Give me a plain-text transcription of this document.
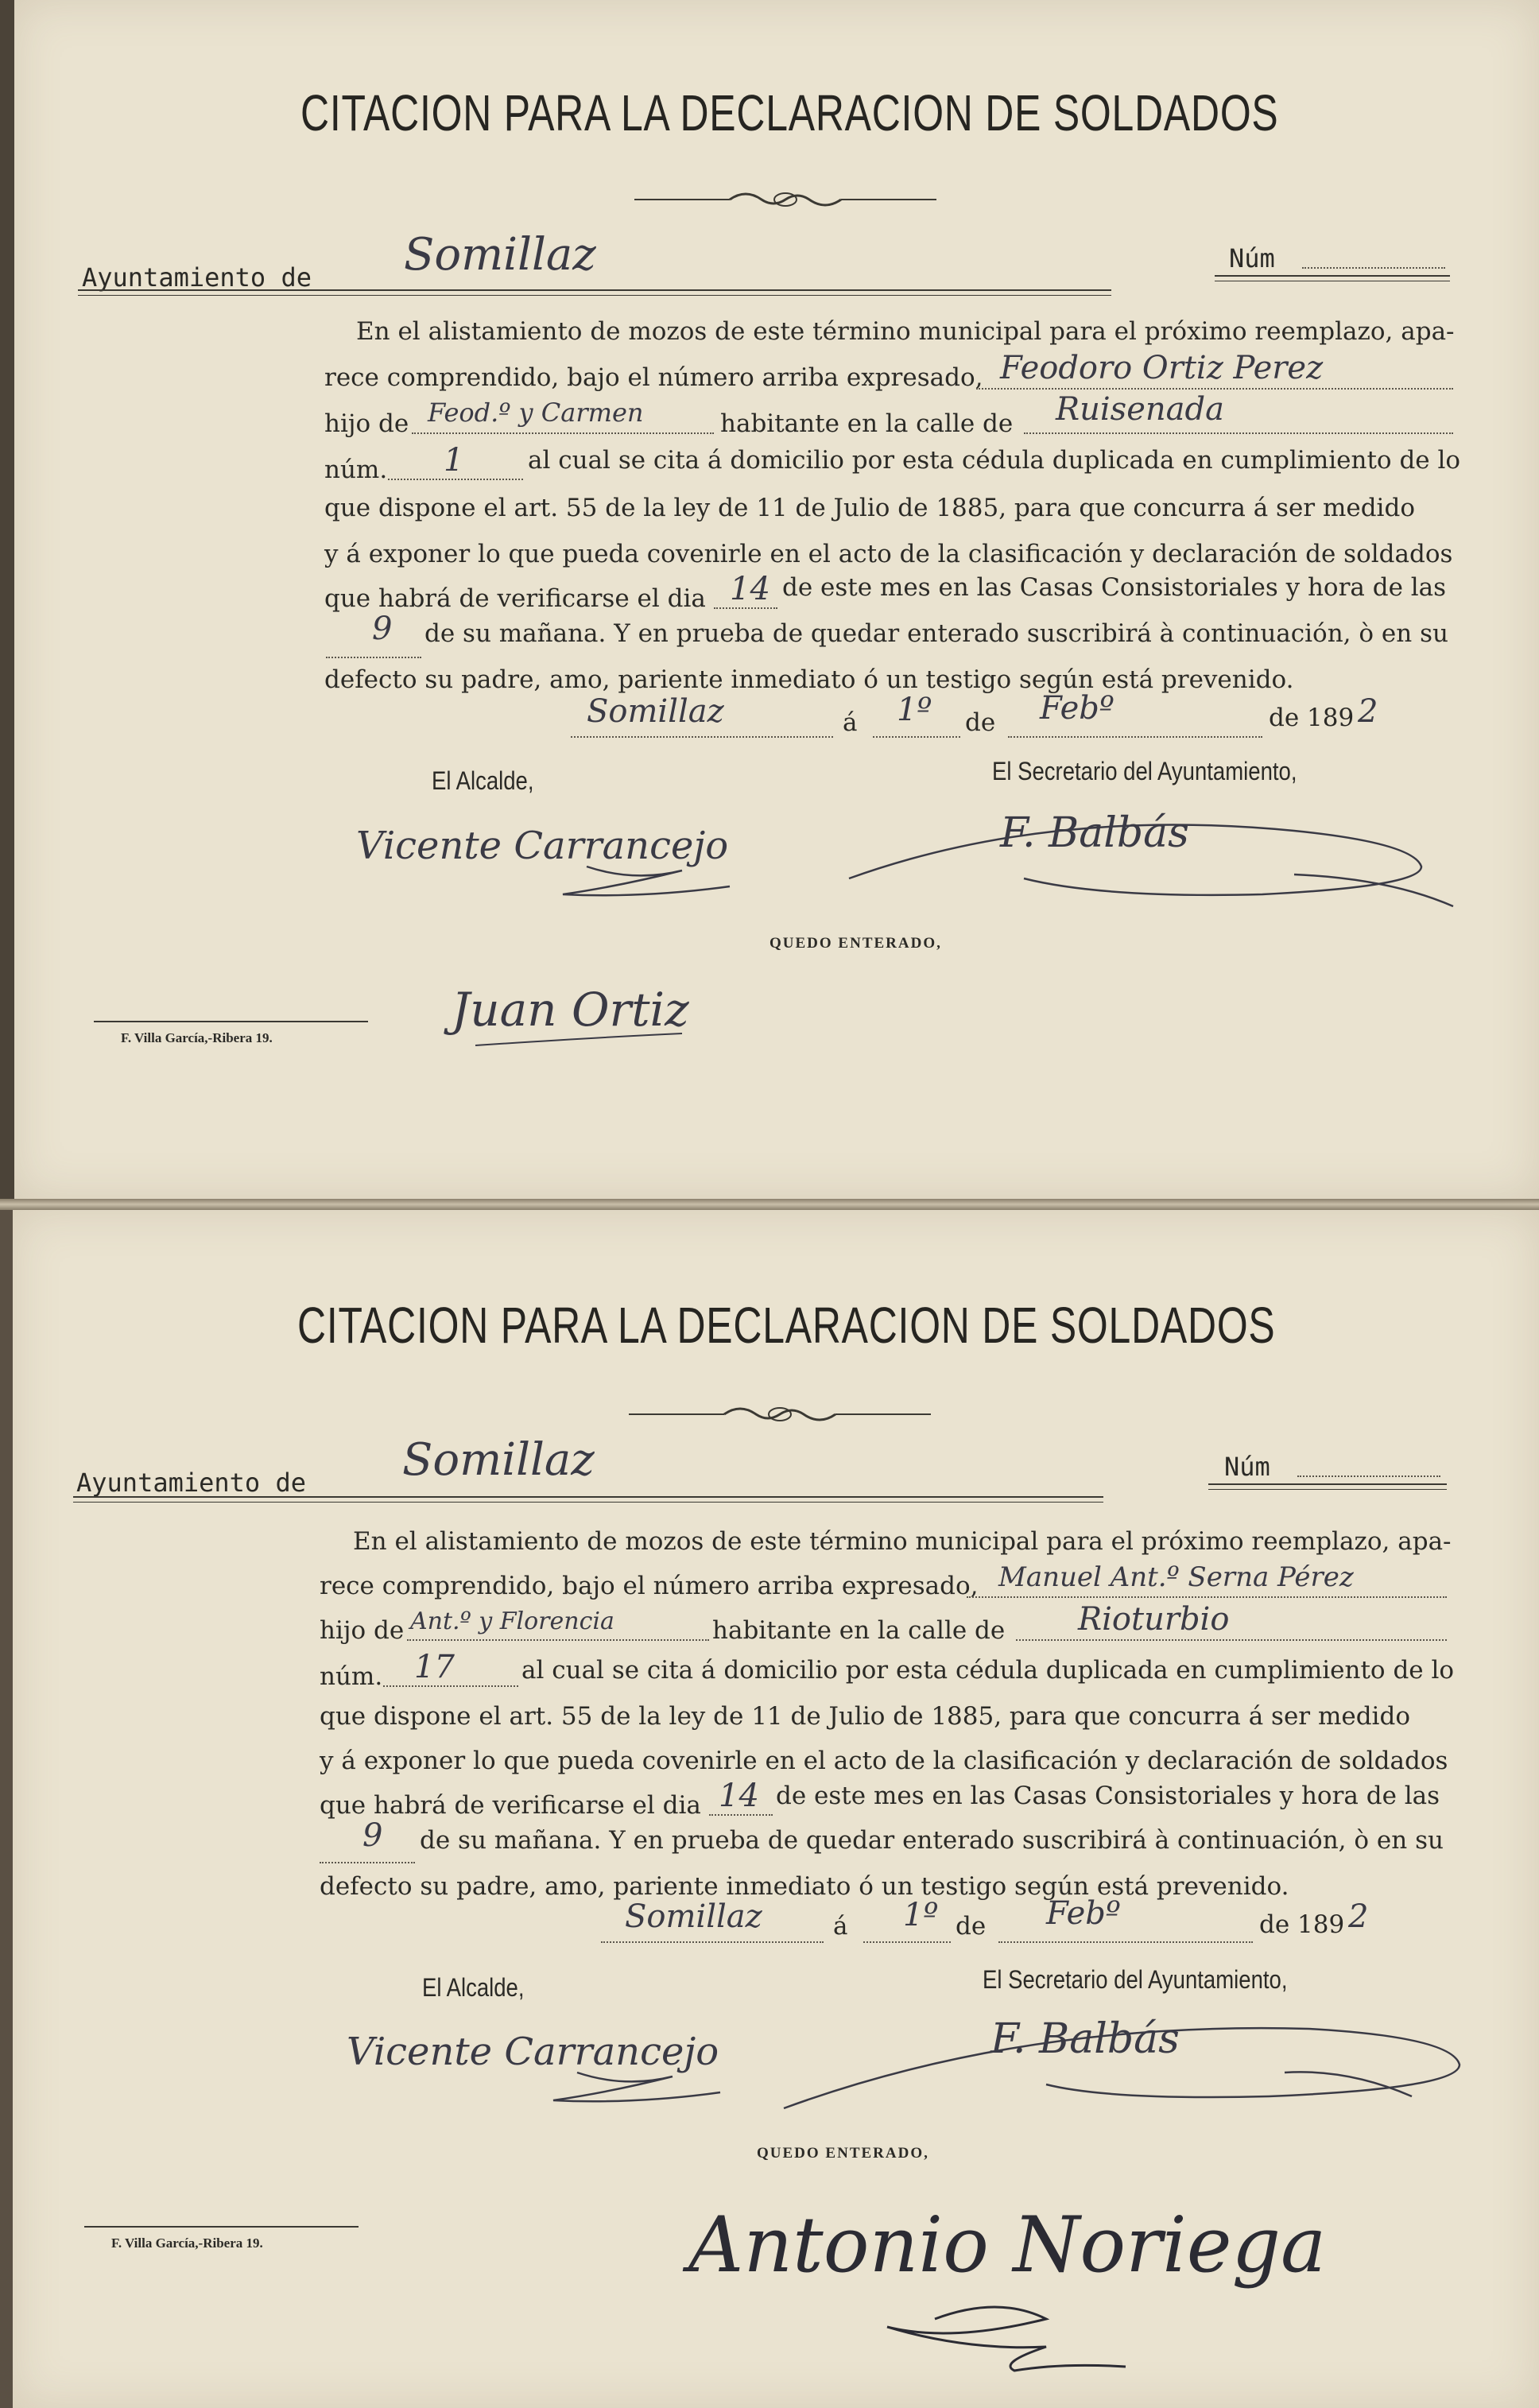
CITACION PARA LA DECLARACION DE SOLDADOS
Ayuntamiento de Somillaz	Núm
En el alistamiento de mozos de este término municipal para el próximo reemplazo, apa-
rece comprendido, bajo el número arriba expresado, Feodoro Ortiz Perez
hijo de Feod.º y Carmen	habitante en la calle de Ruisenada
núm. 1	al cual se cita á domicilio por esta cédula duplicada en cumplimiento de lo
que dispone el art. 55 de la ley de 11 de Julio de 1885, para que concurra á ser medido
y á exponer lo que pueda covenirle en el acto de la clasificación y declaración de soldados
que habrá de verificarse el dia 14 de este mes en las Casas Consistoriales y hora de las
9 de su mañana. Y en prueba de quedar enterado suscribirá à continuación, ò en su
defecto su padre, amo, pariente inmediato ó un testigo según está prevenido.
Somillaz	á 1º de Febº	de 189 2
El Alcalde,	El Secretario del Ayuntamiento,
Vicente Carrancejo	F. Balbás
QUEDO ENTERADO,
F. Villa García,-Ribera 19.
Juan Ortiz
CITACION PARA LA DECLARACION DE SOLDADOS
Ayuntamiento de Somillaz	Núm
En el alistamiento de mozos de este término municipal para el próximo reemplazo, apa-
rece comprendido, bajo el número arriba expresado, Manuel Ant.º Serna Pérez
hijo de Ant.º y Florencia	habitante en la calle de Rioturbio
núm. 17	al cual se cita á domicilio por esta cédula duplicada en cumplimiento de lo
que dispone el art. 55 de la ley de 11 de Julio de 1885, para que concurra á ser medido
y á exponer lo que pueda covenirle en el acto de la clasificación y declaración de soldados
que habrá de verificarse el dia 14 de este mes en las Casas Consistoriales y hora de las
9 de su mañana. Y en prueba de quedar enterado suscribirá à continuación, ò en su
defecto su padre, amo, pariente inmediato ó un testigo según está prevenido.
Somillaz	á 1º de Febº	de 189 2
El Alcalde,	El Secretario del Ayuntamiento,
Vicente Carrancejo	F. Balbás
QUEDO ENTERADO,
F. Villa García,-Ribera 19.	Antonio Noriega
